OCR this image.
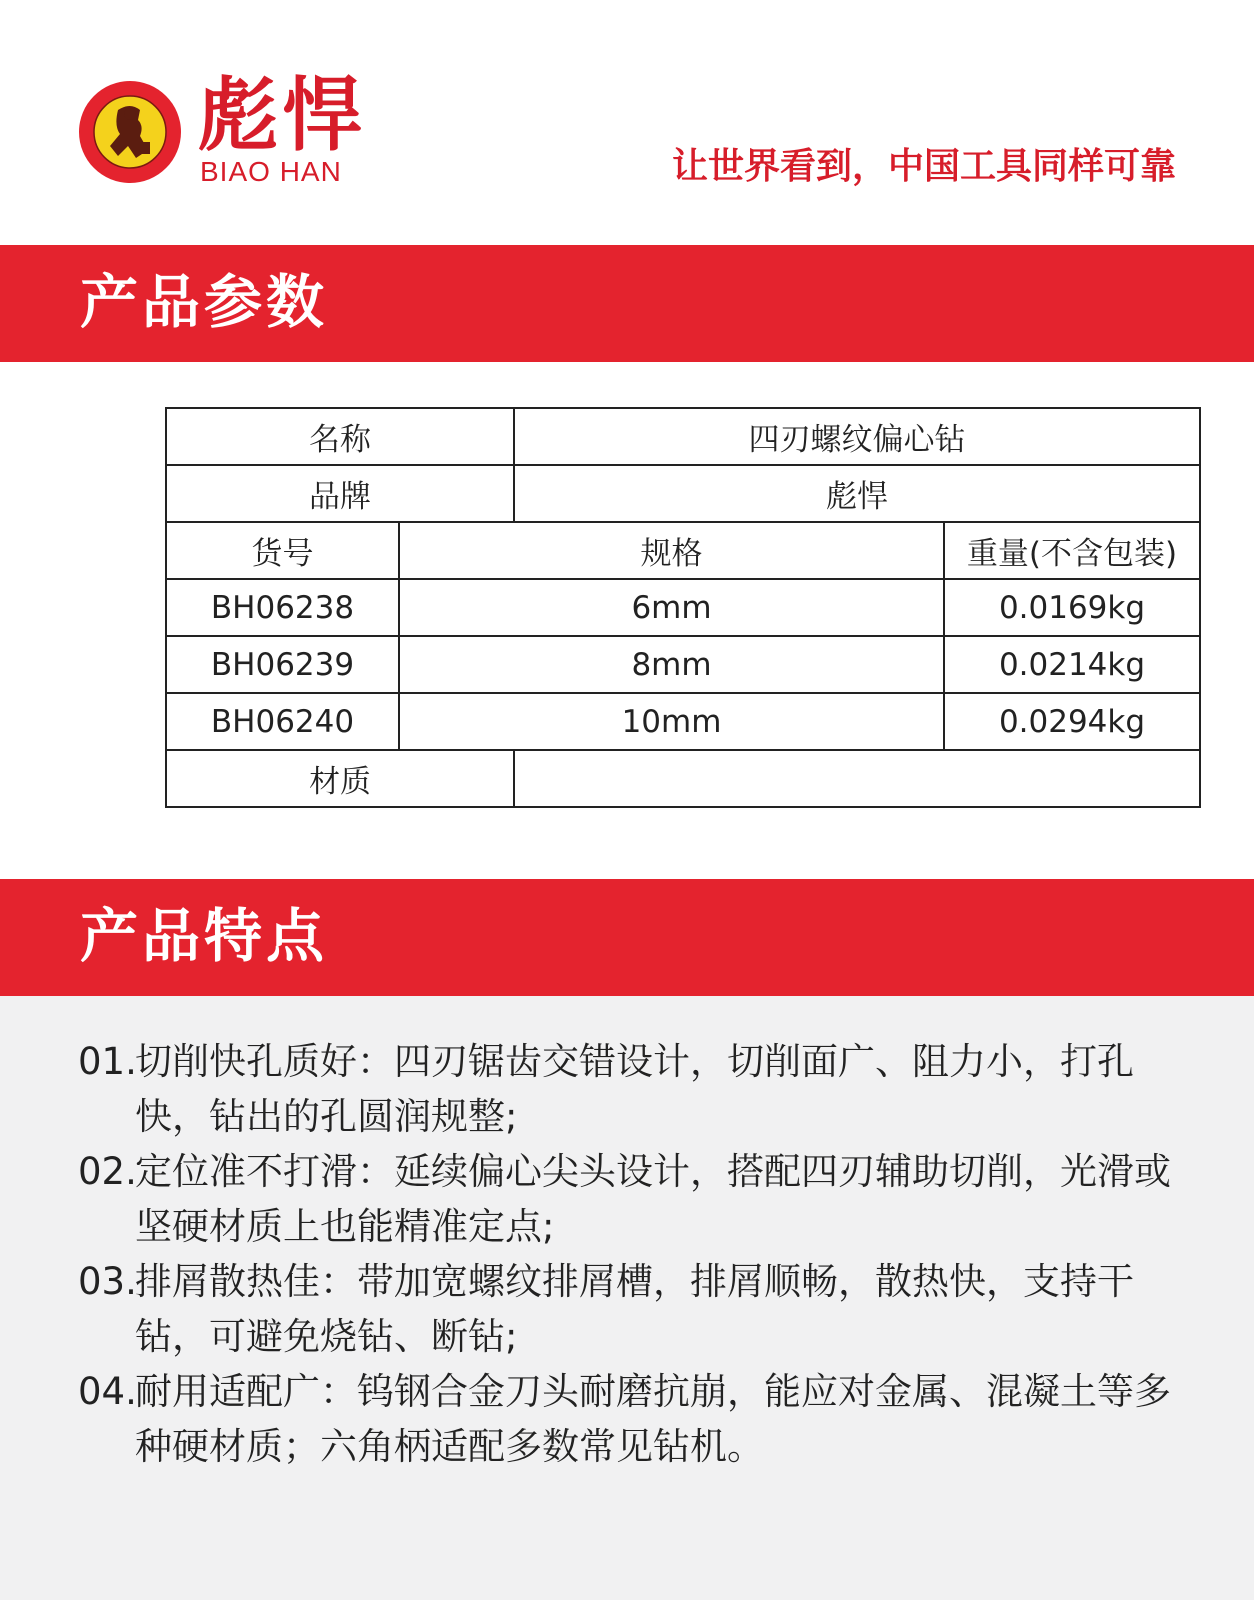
彪悍
BIAO HAN	让世界看到，中国工具同样可靠
产品参数
名称		四刃螺纹偏心钻	
品牌		彪悍	
货号	规格		重量(不含包装)
BH06238	6mm		0.0169kg
BH06239	8mm		0.0214kg
BH06240	10mm		0.0294kg
材质			
产品特点
01.
切削快孔质好：四刃锯齿交错设计，切削面广、阻力小，打孔快，钻出的孔圆润规整;
02.
定位准不打滑：延续偏心尖头设计，搭配四刃辅助切削，光滑或坚硬材质上也能精准定点;
03.
排屑散热佳：带加宽螺纹排屑槽，排屑顺畅，散热快，支持干钻，可避免烧钻、断钻;
04.
耐用适配广：钨钢合金刀头耐磨抗崩，能应对金属、混凝土等多种硬材质；六角柄适配多数常见钻机。
